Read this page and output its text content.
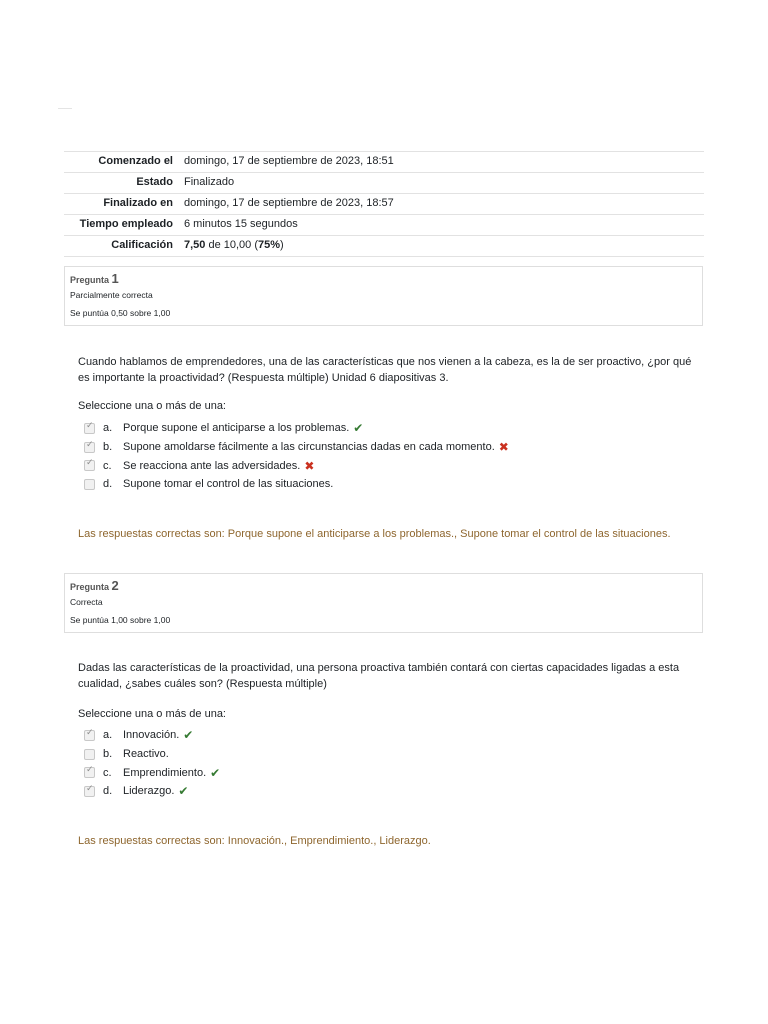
Comenzado el	domingo, 17 de septiembre de 2023, 18:51
Estado	Finalizado
Finalizado en	domingo, 17 de septiembre de 2023, 18:57
Tiempo empleado	6 minutos 15 segundos
Calificación	7,50 de 10,00 (75%)
Pregunta 1
Parcialmente correcta
Se puntúa 0,50 sobre 1,00
Cuando hablamos de emprendedores, una de las características que nos vienen a la cabeza, es la de ser proactivo, ¿por qué es importante la proactividad? (Respuesta múltiple) Unidad 6 diapositivas 3.
Seleccione una o más de una:
✓
a. Porque supone el anticiparse a los problemas. ✔
✓
b. Supone amoldarse fácilmente a las circunstancias dadas en cada momento. ✖
✓
c.	Se reacciona ante las adversidades. ✖
d. Supone tomar el control de las situaciones.
Las respuestas correctas son: Porque supone el anticiparse a los problemas., Supone tomar el control de las situaciones.
Pregunta 2
Correcta
Se puntúa 1,00 sobre 1,00
Dadas las características de la proactividad, una persona proactiva también contará con ciertas capacidades ligadas a esta cualidad, ¿sabes cuáles son? (Respuesta múltiple)
Seleccione una o más de una:
✓
a. Innovación. ✔
b. Reactivo.
✓
c.	Emprendimiento. ✔
✓
d. Liderazgo. ✔
Las respuestas correctas son: Innovación., Emprendimiento., Liderazgo.
